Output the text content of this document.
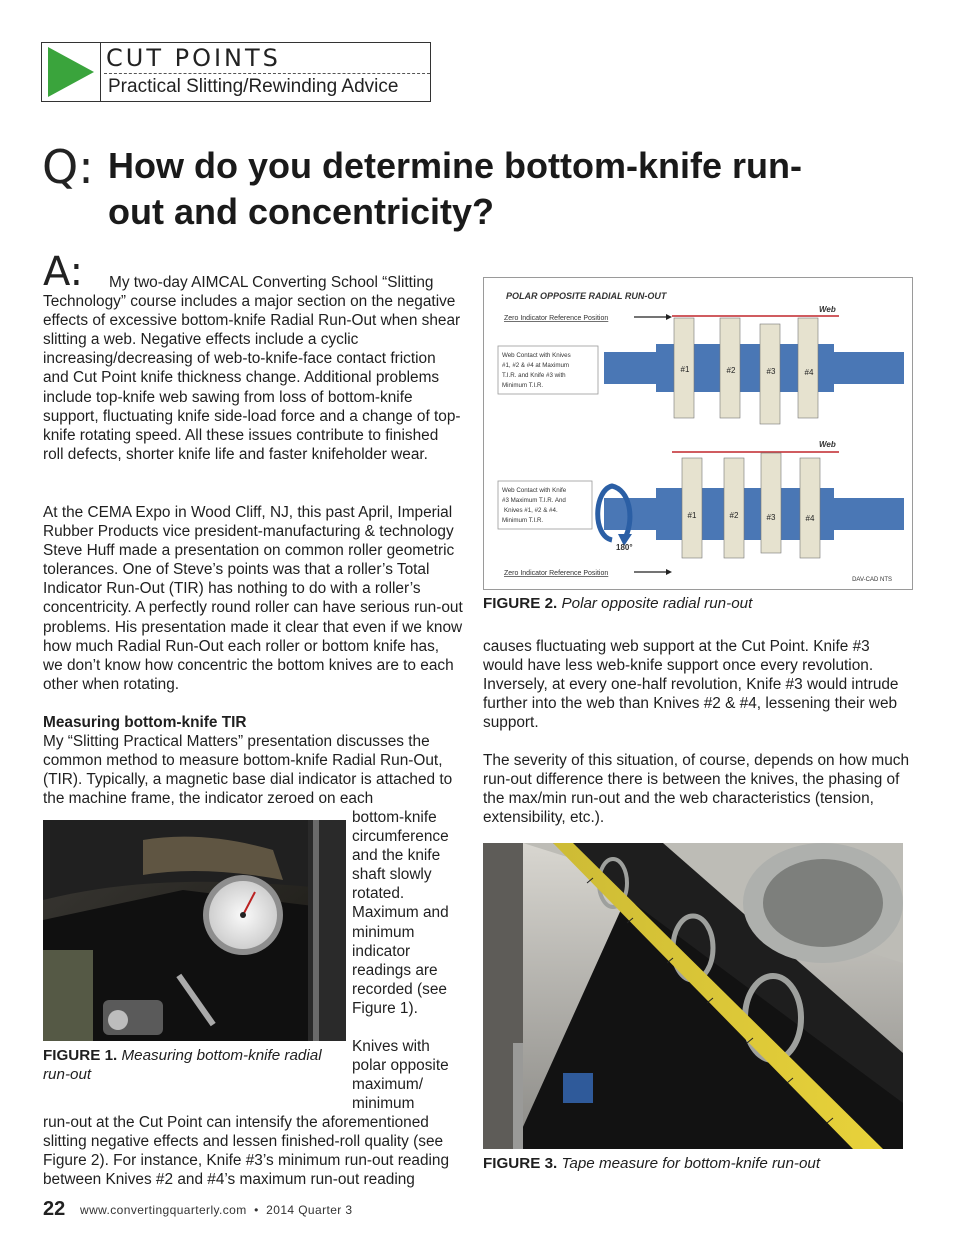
CUT POINTS
Practical Slitting/Rewinding Advice
Q: How do you determine bottom-knife run-out and concentricity?
A:	My two-day AIMCAL Converting School “Slitting Technology” course includes a major section on the negative effects of excessive bottom-knife Radial Run-Out when shear slitting a web. Negative effects include a cyclic increasing/decreasing of web-to-knife-face contact friction and Cut Point knife thickness change. Additional problems include top-knife web sawing from loss of bottom-knife support, fluctuating knife side-load force and a change of top-knife rotating speed. All these issues contribute to finished roll defects, shorter knife life and faster knifeholder wear.
At the CEMA Expo in Wood Cliff, NJ, this past April, Imperial Rubber Products vice president-manufacturing & technology Steve Huff made a presentation on common roller geometric tolerances. One of Steve’s points was that a roller’s Total Indicator Run-Out (TIR) has nothing to do with a roller’s concentricity. A perfectly round roller can have serious run-out problems. His presentation made it clear that even if we know how much Radial Run-Out each roller or bottom knife has, we don’t know how concentric the bottom knives are to each other when rotating.
Measuring bottom-knife TIR
My “Slitting Practical Matters” presentation discusses the common method to measure bottom-knife Radial Run-Out, (TIR). Typically, a magnetic base dial indicator is attached to the machine frame, the indicator zeroed on each
FIGURE 1. Measuring bottom-knife radial run-out
bottom-knife circumference and the knife shaft slowly rotated. Maximum and minimum indicator readings are recorded (see Figure 1).
Knives with polar opposite maximum/ minimum
run-out at the Cut Point can intensify the aforementioned slitting negative effects and lessen finished-roll quality (see Figure 2). For instance, Knife #3’s minimum run-out reading between Knives #2 and #4’s maximum run-out reading
POLAR OPPOSITE RADIAL RUN-OUT
Zero Indicator Reference Position
Web
#1	#2	#3	#4
Web Contact with Knives #1, #2 & #4 at Maximum T.I.R. and Knife #3 with Minimum T.I.R.
Web
#1	#2	#3	#4
Web Contact with Knife #3 Maximum T.I.R. And Knives #1, #2 & #4. Minimum T.I.R.
180°
Zero Indicator Reference Position
DAV-CAD NTS
FIGURE 2. Polar opposite radial run-out
causes fluctuating web support at the Cut Point. Knife #3 would have less web-knife support once every revolution. Inversely, at every one-half revolution, Knife #3 would intrude further into the web than Knives #2 & #4, lessening their web support.
The severity of this situation, of course, depends on how much run-out difference there is between the knives, the phasing of the max/min run-out and the web characteristics (tension, extensibility, etc.).
FIGURE 3. Tape measure for bottom-knife run-out
22 www.convertingquarterly.com  •  2014 Quarter 3
